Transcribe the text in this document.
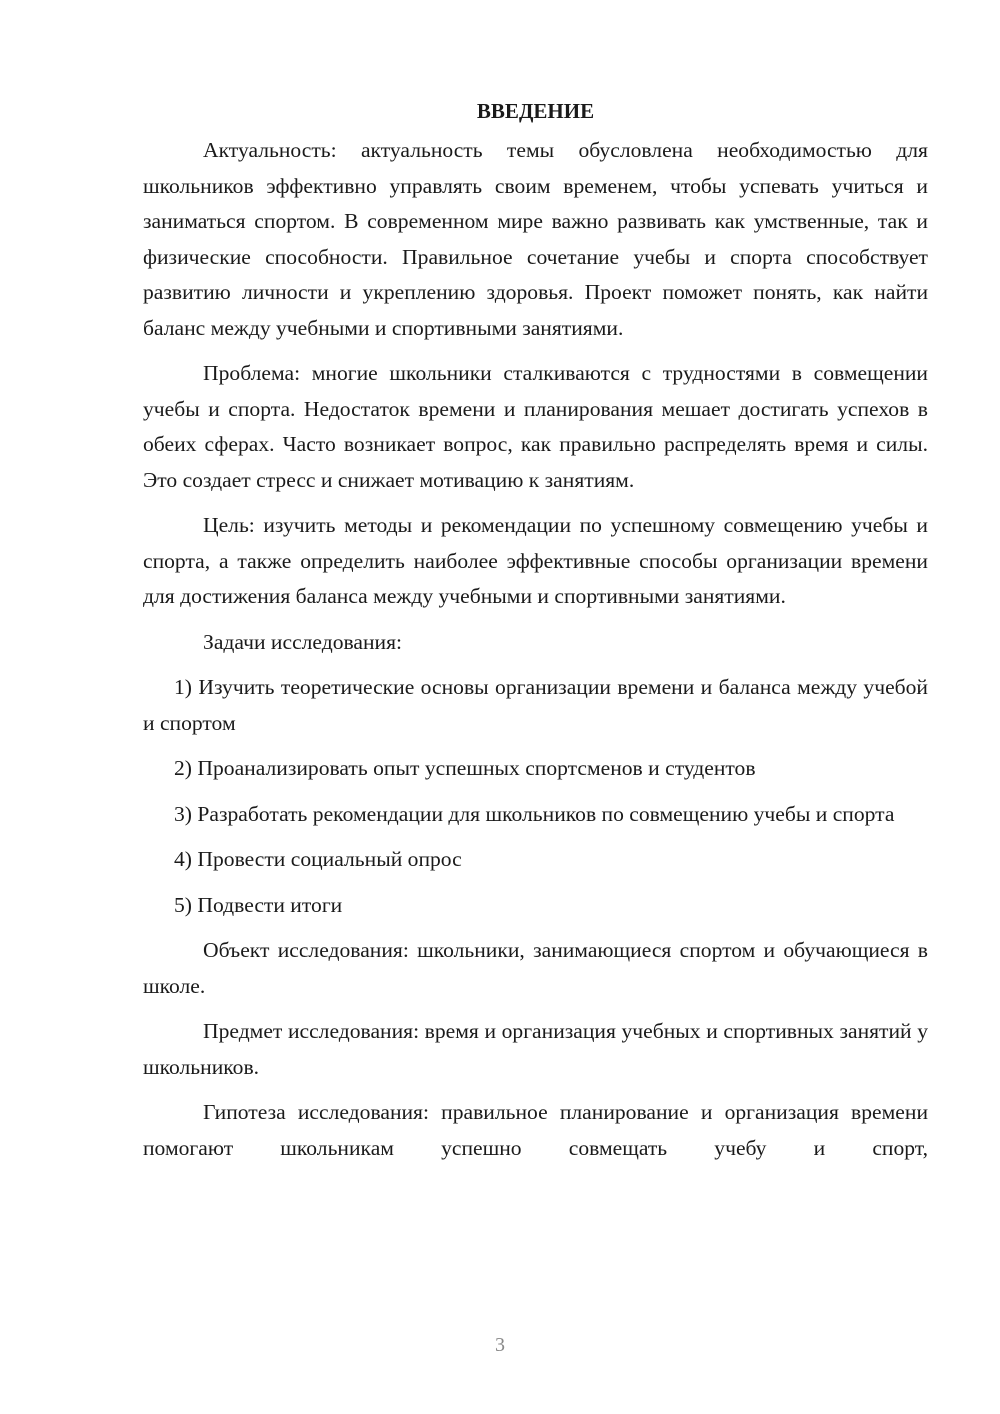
ВВЕДЕНИЕ

Актуальность: актуальность темы обусловлена необходимостью для школьников эффективно управлять своим временем, чтобы успевать учиться и заниматься спортом. В современном мире важно развивать как умственные, так и физические способности. Правильное сочетание учебы и спорта способствует развитию личности и укреплению здоровья. Проект поможет понять, как найти баланс между учебными и спортивными занятиями.

Проблема: многие школьники сталкиваются с трудностями в совмещении учебы и спорта. Недостаток времени и планирования мешает достигать успехов в обеих сферах. Часто возникает вопрос, как правильно распределять время и силы. Это создает стресс и снижает мотивацию к занятиям.

Цель: изучить методы и рекомендации по успешному совмещению учебы и спорта, а также определить наиболее эффективные способы организации времени для достижения баланса между учебными и спортивными занятиями.

Задачи исследования:

1) Изучить теоретические основы организации времени и баланса между учебой и спортом

2) Проанализировать опыт успешных спортсменов и студентов

3) Разработать рекомендации для школьников по совмещению учебы и спорта

4) Провести социальный опрос

5) Подвести итоги

Объект исследования: школьники, занимающиеся спортом и обучающиеся в школе.

Предмет исследования: время и организация учебных и спортивных занятий у школьников.

Гипотеза исследования: правильное планирование и организация времени помогают школьникам успешно совмещать учебу и спорт,

3
